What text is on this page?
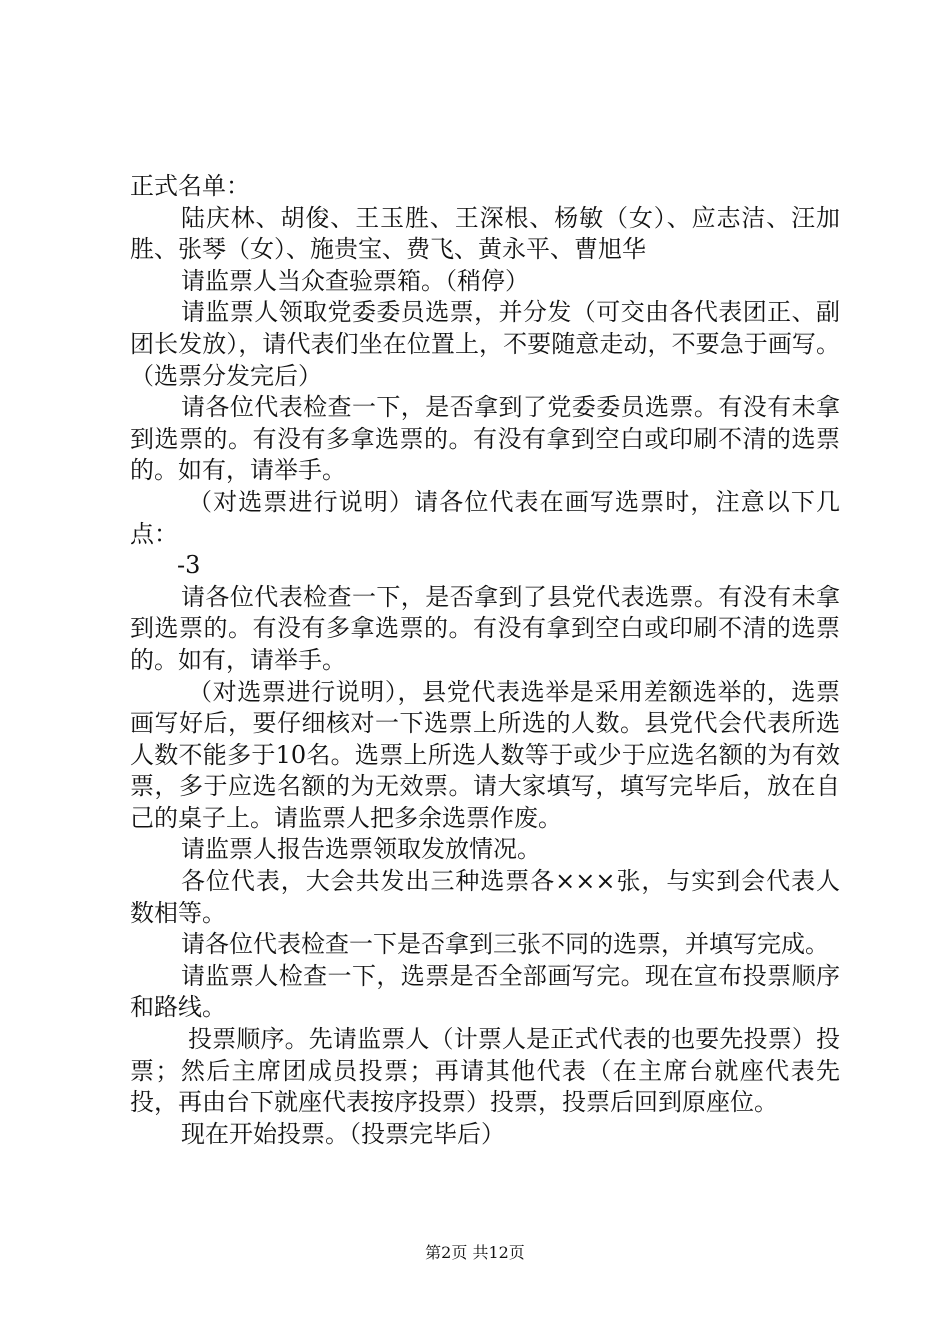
正式名单：

陆庆林、胡俊、王玉胜、王深根、杨敏（女）、应志洁、汪加胜、张琴（女）、施贵宝、费飞、黄永平、曹旭华

请监票人当众查验票箱。（稍停）

请监票人领取党委委员选票，并分发（可交由各代表团正、副团长发放），请代表们坐在位置上，不要随意走动，不要急于画写。（选票分发完后）

请各位代表检查一下，是否拿到了党委委员选票。有没有未拿到选票的。有没有多拿选票的。有没有拿到空白或印刷不清的选票的。如有，请举手。

（对选票进行说明）请各位代表在画写选票时，注意以下几点：

-3

请各位代表检查一下，是否拿到了县党代表选票。有没有未拿到选票的。有没有多拿选票的。有没有拿到空白或印刷不清的选票的。如有，请举手。

（对选票进行说明），县党代表选举是采用差额选举的，选票画写好后，要仔细核对一下选票上所选的人数。县党代会代表所选人数不能多于10名。选票上所选人数等于或少于应选名额的为有效票，多于应选名额的为无效票。请大家填写，填写完毕后，放在自己的桌子上。请监票人把多余选票作废。

请监票人报告选票领取发放情况。

各位代表，大会共发出三种选票各×××张，与实到会代表人数相等。

请各位代表检查一下是否拿到三张不同的选票，并填写完成。

请监票人检查一下，选票是否全部画写完。现在宣布投票顺序和路线。

投票顺序。先请监票人（计票人是正式代表的也要先投票）投票；然后主席团成员投票；再请其他代表（在主席台就座代表先投，再由台下就座代表按序投票）投票，投票后回到原座位。

现在开始投票。（投票完毕后）

第2页 共12页
